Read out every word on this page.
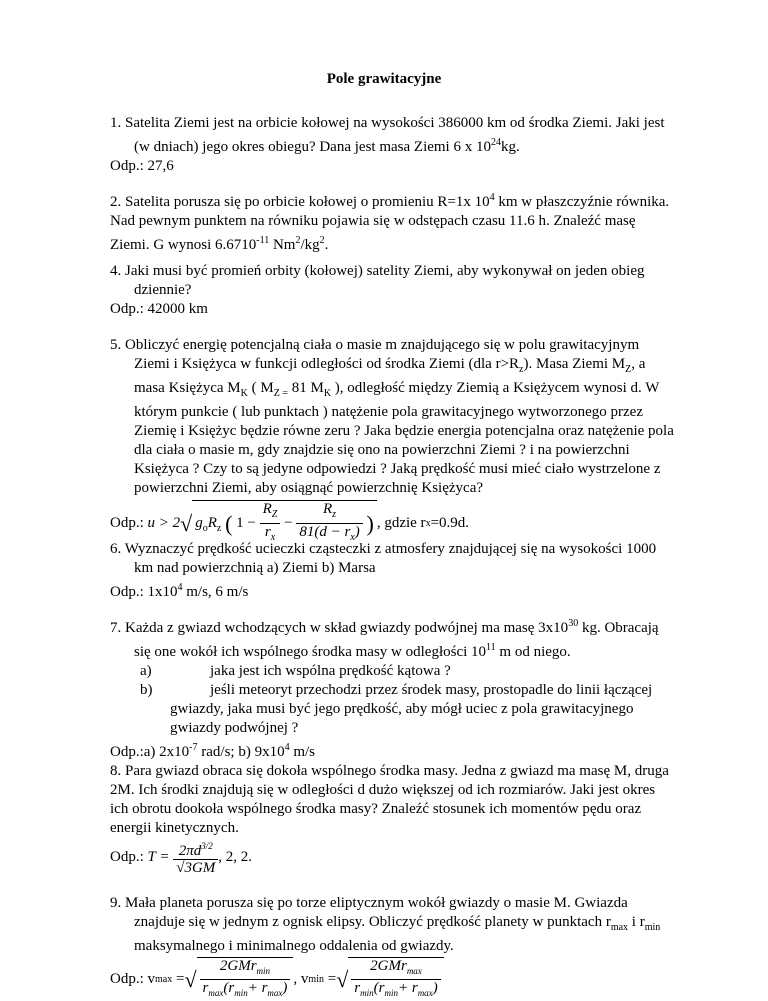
Pole grawitacyjne
1. Satelita Ziemi jest na orbicie kołowej na wysokości 386000 km od środka Ziemi. Jaki jest
(w dniach) jego okres obiegu? Dana jest masa Ziemi 6 x $10^{24}kg$.
Odp.: 27,6
2. Satelita porusza się po orbicie kołowej o promieniu R=1x $10^4$ km w płaszczyźnie równika.
Nad pewnym punktem na równiku pojawia się w odstępach czasu 11.6 h. Znaleźć masę
Ziemi. G wynosi $6.6710^{-11}$ $Nm^2/kg^2$.
4. Jaki musi być promień orbity (kołowej) satelity Ziemi, aby wykonywał on jeden obieg
dziennie?
Odp.: 42000 km
5. Obliczyć energię potencjalną ciała o masie m znajdującego się w polu grawitacyjnym
Ziemi i Księżyca w funkcji odległości od środka Ziemi (dla $r>R_z$). Masa Ziemi $M_Z$, a
masa Księżyca $M_K$ ( $M_{Z =}$ 81 $M_K$ ), odległość między Ziemią a Księżycem wynosi d. W
którym punkcie ( lub punktach ) natężenie pola grawitacyjnego wytworzonego przez
Ziemię i Księżyc będzie równe zeru ? Jaka będzie energia potencjalna oraz natężenie pola
dla ciała o masie m, gdy znajdzie się ono na powierzchni Ziemi ? i na powierzchni
Księżyca ? Czy to są jedyne odpowiedzi ? Jaką prędkość musi mieć ciało wystrzelone z
powierzchni Ziemi, aby osiągnąć powierzchnię Księżyca?
Odp.:
u > 2 √ $g_oR_z$ ( $1 - \frac{R_Z}{r_x} - \frac{R_z}{81(d - r_x)}$ ) , gdzie r x =0.9d.
6. Wyznaczyć prędkość ucieczki cząsteczki z atmosfery znajdującej się na wysokości 1000
km nad powierzchnią a) Ziemi b) Marsa
Odp.: $1x10^4$ m/s, 6 m/s
7. Każda z gwiazd wchodzących w skład gwiazdy podwójnej ma masę $3x10^{30}$ kg. Obracają
się one wokół ich wspólnego środka masy w odległości $10^{11}$ m od niego.
a)	jaka jest ich wspólna prędkość kątowa ?
b)	jeśli meteoryt przechodzi przez środek masy, prostopadle do linii łączącej
gwiazdy, jaka musi być jego prędkość, aby mógł uciec z pola grawitacyjnego
gwiazdy podwójnej ?
Odp.:a) $2x10^{-7}$ rad/s; b) $9x10^4$ m/s
8. Para gwiazd obraca się dokoła wspólnego środka masy. Jedna z gwiazd ma masę M, druga
2M. Ich środki znajdują się w odległości d dużo większej od ich rozmiarów. Jaki jest okres
ich obrotu dookoła wspólnego środka masy? Znaleźć stosunek ich momentów pędu oraz
energii kinetycznych.
Odp.:
T =
$\frac{2\pi d^{3/2}}{√3GM}$ , 2, 2.
9. Mała planeta porusza się po torze eliptycznym wokół gwiazdy o masie M. Gwiazda
znajduje się w jednym z ognisk elipsy. Obliczyć prędkość planety w punktach $r_{max}$ i $r_{min}$
maksymalnego i minimalnego oddalenia od gwiazdy.
Odp.: v max
= √ $\frac{2GMr_{min}}{r_{max}(r_{min}+ r_{max})}$ , v min
= √ $\frac{2GMr_{max}}{r_{min}(r_{min}+ r_{max})}$
